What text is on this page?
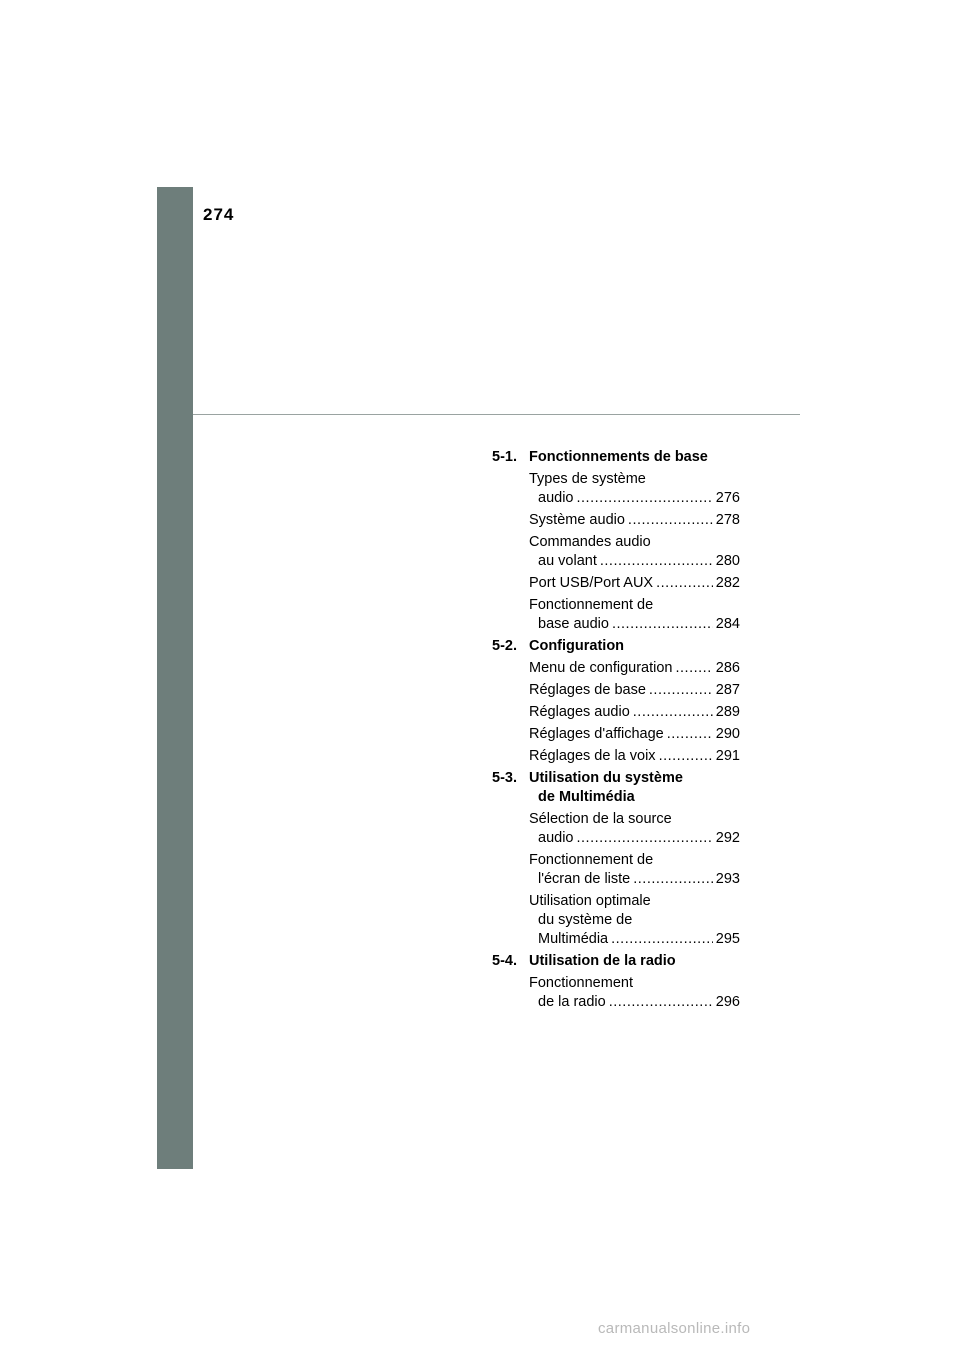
274
5-1. Fonctionnements de base
Types de système
audio .....	276
Système audio .....	278
Commandes audio
au volant .....	280
Port USB/Port AUX .....	282
Fonctionnement de
base audio .....	284
5-2. Configuration
Menu de configuration .....	286
Réglages de base .....	287
Réglages audio .....	289
Réglages d'affichage .....	290
Réglages de la voix .....	291
5-3. Utilisation du système
de Multimédia
Sélection de la source
audio .....	292
Fonctionnement de
l'écran de liste .....	293
Utilisation optimale
du système de
Multimédia .....	295
5-4. Utilisation de la radio
Fonctionnement
de la radio .....	296
carmanualsonline.info
